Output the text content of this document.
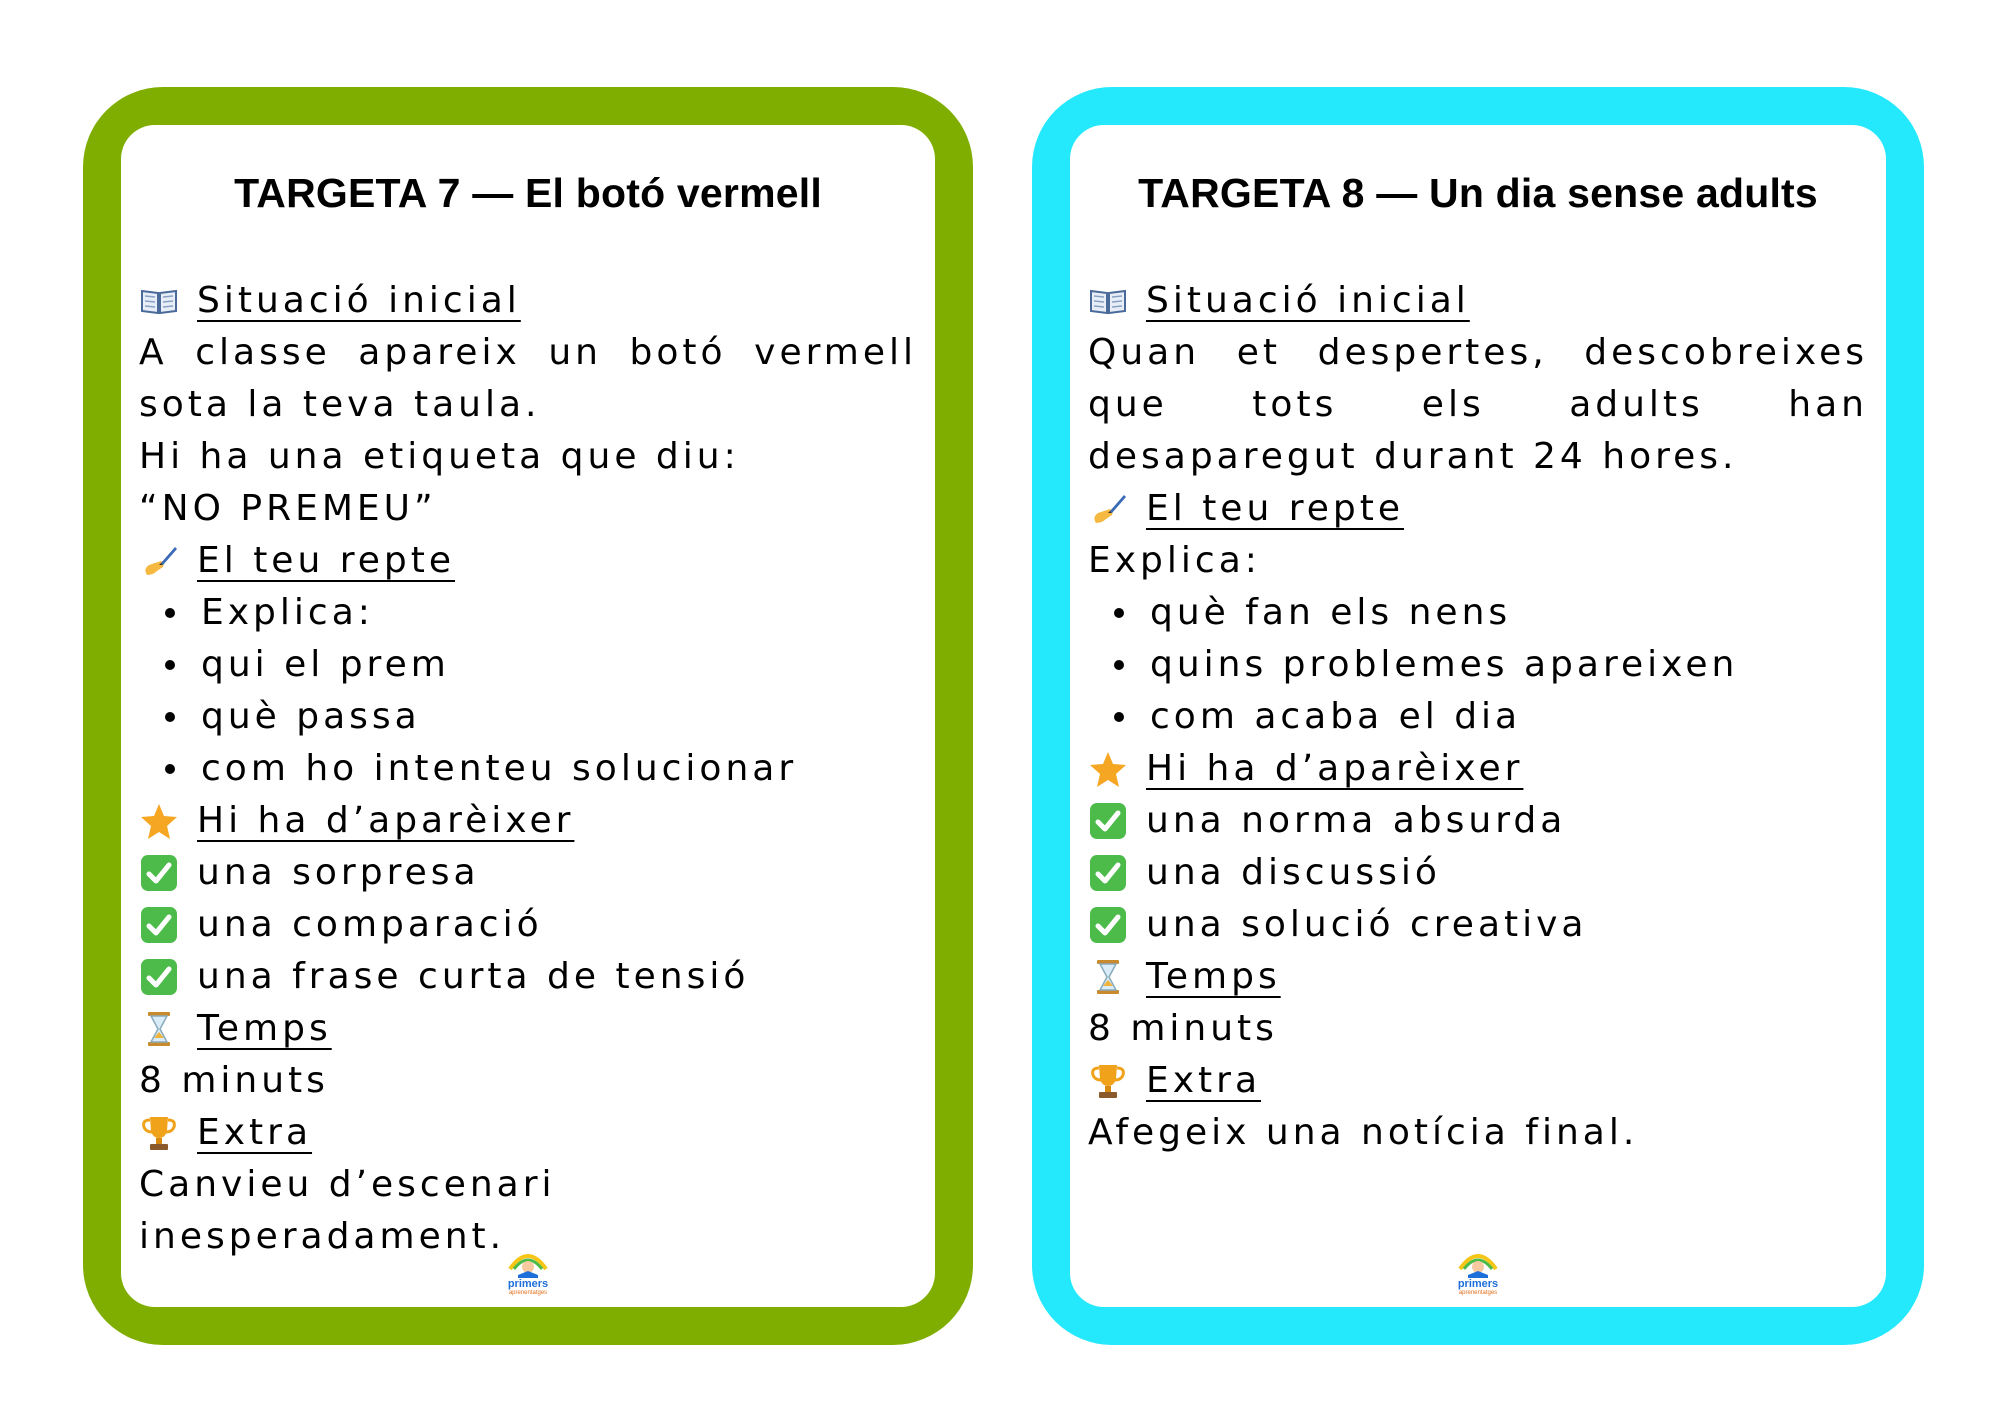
TARGETA 7 — El botó vermell
Situació inicial
A classe apareix un botó vermell
sota la teva taula.
Hi ha una etiqueta que diu:
“NO PREMEU”
El teu repte
Explica:
qui el prem
què passa
com ho intenteu solucionar
Hi ha d’aparèixer
una sorpresa
una comparació
una frase curta de tensió
Temps
8 minuts
Extra
Canvieu d’escenari
inesperadament.
primers
aprenentatges
TARGETA 8 — Un dia sense adults
Situació inicial
Quan et despertes, descobreixes
que tots els adults han
desaparegut durant 24 hores.
El teu repte
Explica:
què fan els nens
quins problemes apareixen
com acaba el dia
Hi ha d’aparèixer
una norma absurda
una discussió
una solució creativa
Temps
8 minuts
Extra
Afegeix una notícia final.
primers
aprenentatges
